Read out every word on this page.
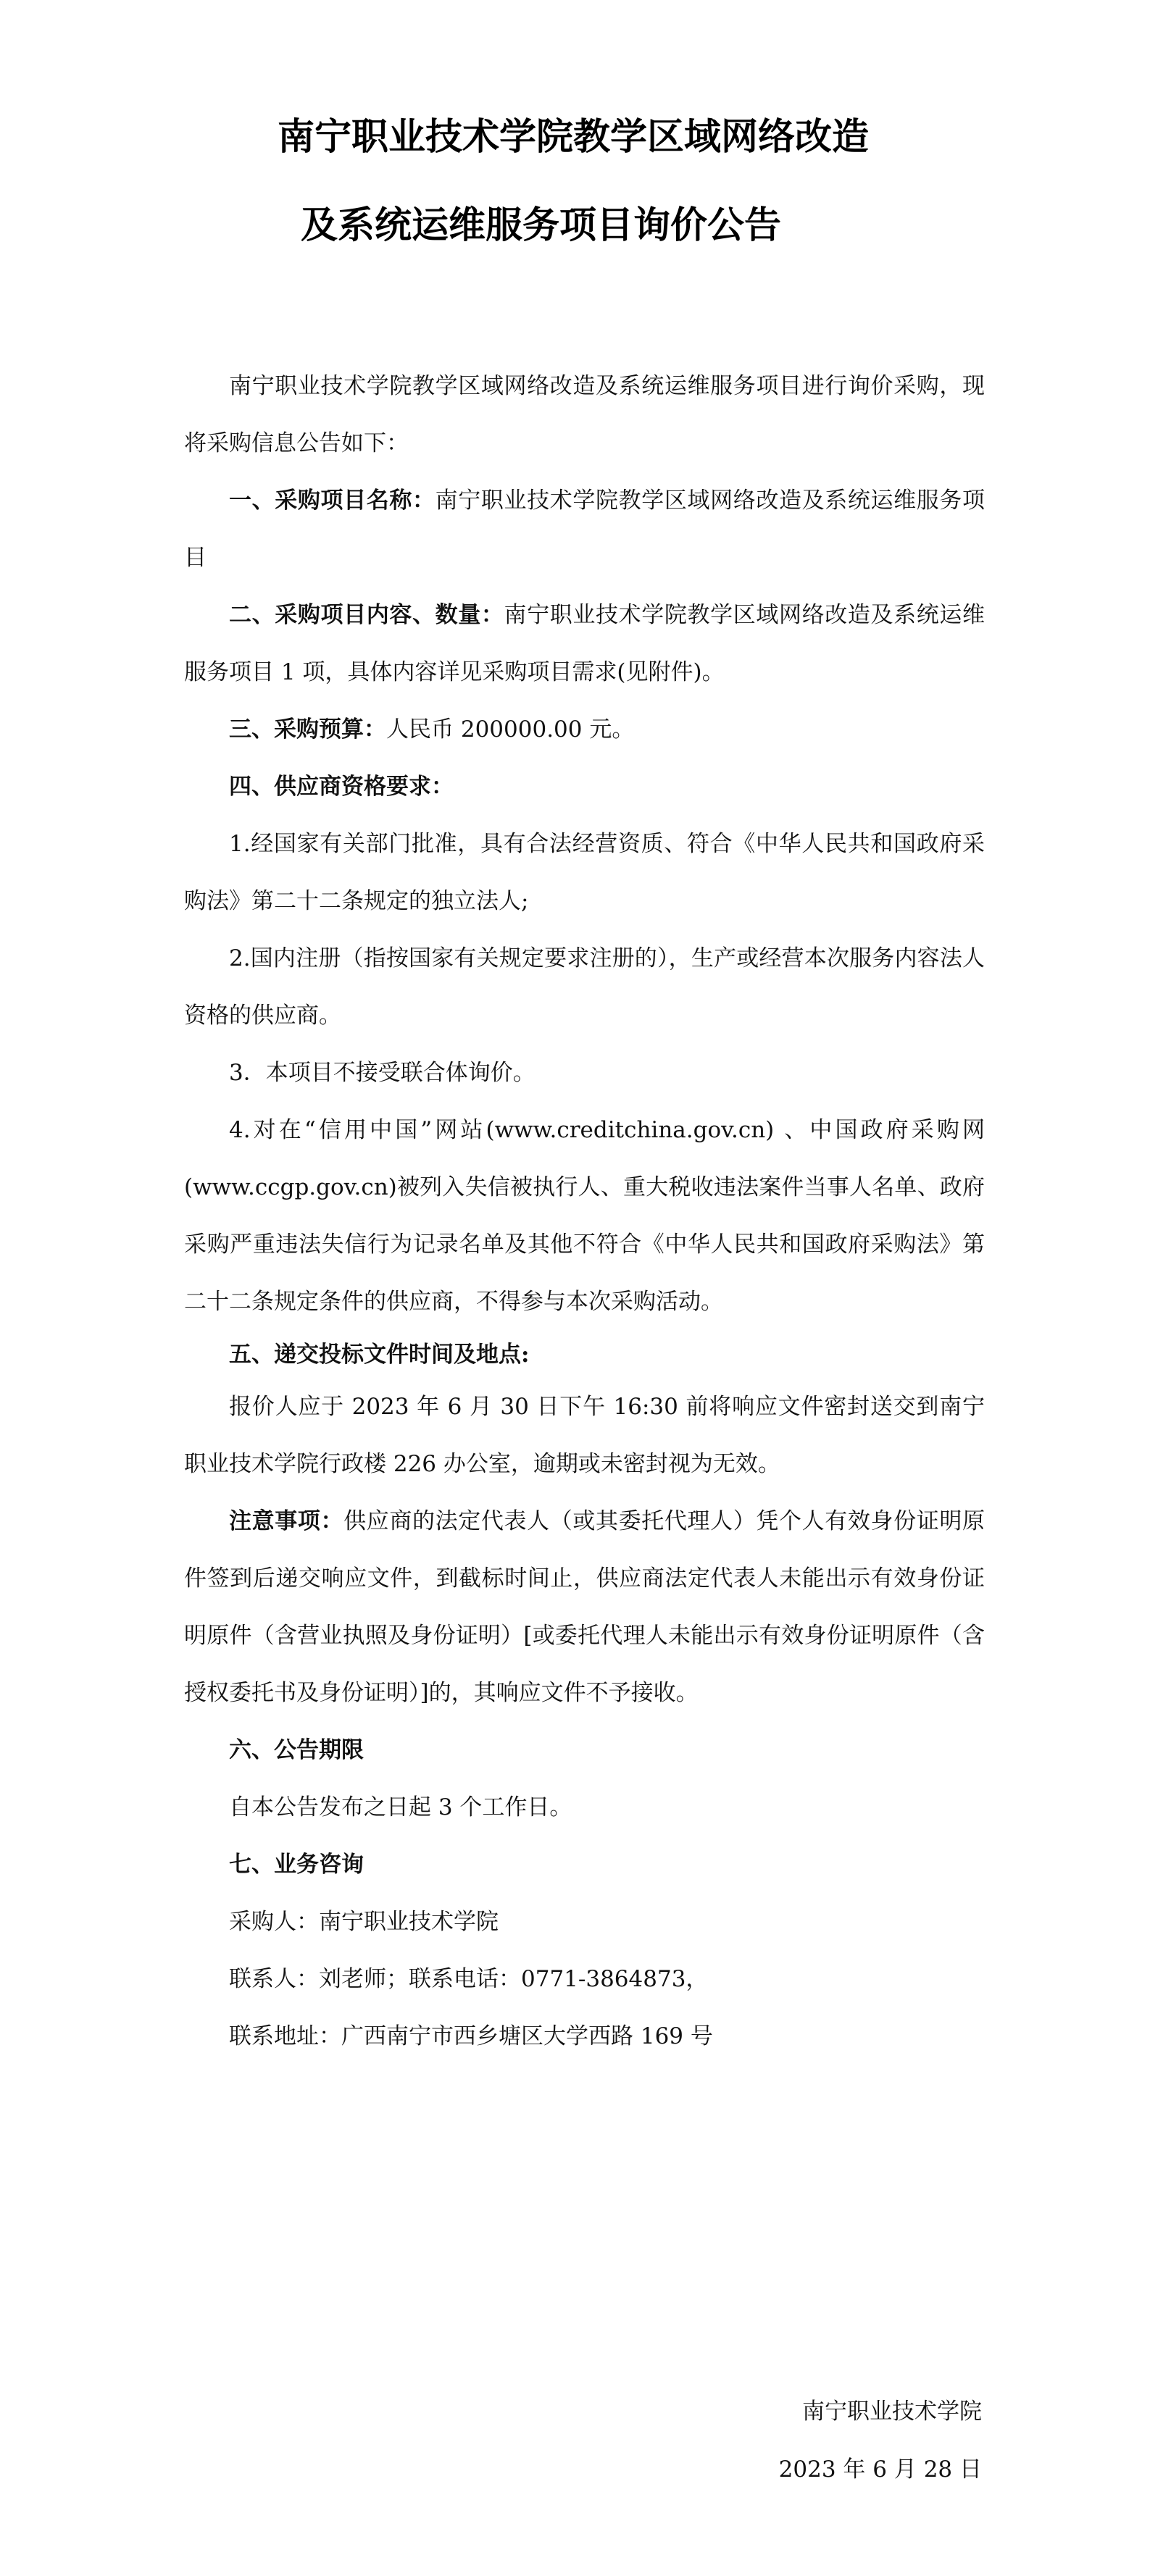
南宁职业技术学院教学区域网络改造
及系统运维服务项目询价公告

南宁职业技术学院教学区域网络改造及系统运维服务项目进行询价采购，现将采购信息公告如下：

一、采购项目名称：南宁职业技术学院教学区域网络改造及系统运维服务项目

二、采购项目内容、数量：南宁职业技术学院教学区域网络改造及系统运维服务项目 1 项，具体内容详见采购项目需求(见附件)。

三、采购预算：人民币 200000.00 元。

四、供应商资格要求：

1.经国家有关部门批准，具有合法经营资质、符合《中华人民共和国政府采购法》第二十二条规定的独立法人;

2.国内注册（指按国家有关规定要求注册的），生产或经营本次服务内容法人资格的供应商。

3．本项目不接受联合体询价。

4.对在“信用中国”网站(www.creditchina.gov.cn) 、中国政府采购网(www.ccgp.gov.cn)被列入失信被执行人、重大税收违法案件当事人名单、政府采购严重违法失信行为记录名单及其他不符合《中华人民共和国政府采购法》第二十二条规定条件的供应商，不得参与本次采购活动。

五、递交投标文件时间及地点:

报价人应于 2023 年 6 月 30 日下午 16:30 前将响应文件密封送交到南宁职业技术学院行政楼 226 办公室，逾期或未密封视为无效。

注意事项：供应商的法定代表人（或其委托代理人）凭个人有效身份证明原件签到后递交响应文件，到截标时间止，供应商法定代表人未能出示有效身份证明原件（含营业执照及身份证明）[或委托代理人未能出示有效身份证明原件（含授权委托书及身份证明）]的，其响应文件不予接收。

六、公告期限

自本公告发布之日起 3 个工作日。

七、业务咨询

采购人：南宁职业技术学院

联系人：刘老师；联系电话：0771-3864873，

联系地址：广西南宁市西乡塘区大学西路 169 号

南宁职业技术学院
2023 年 6 月 28 日
